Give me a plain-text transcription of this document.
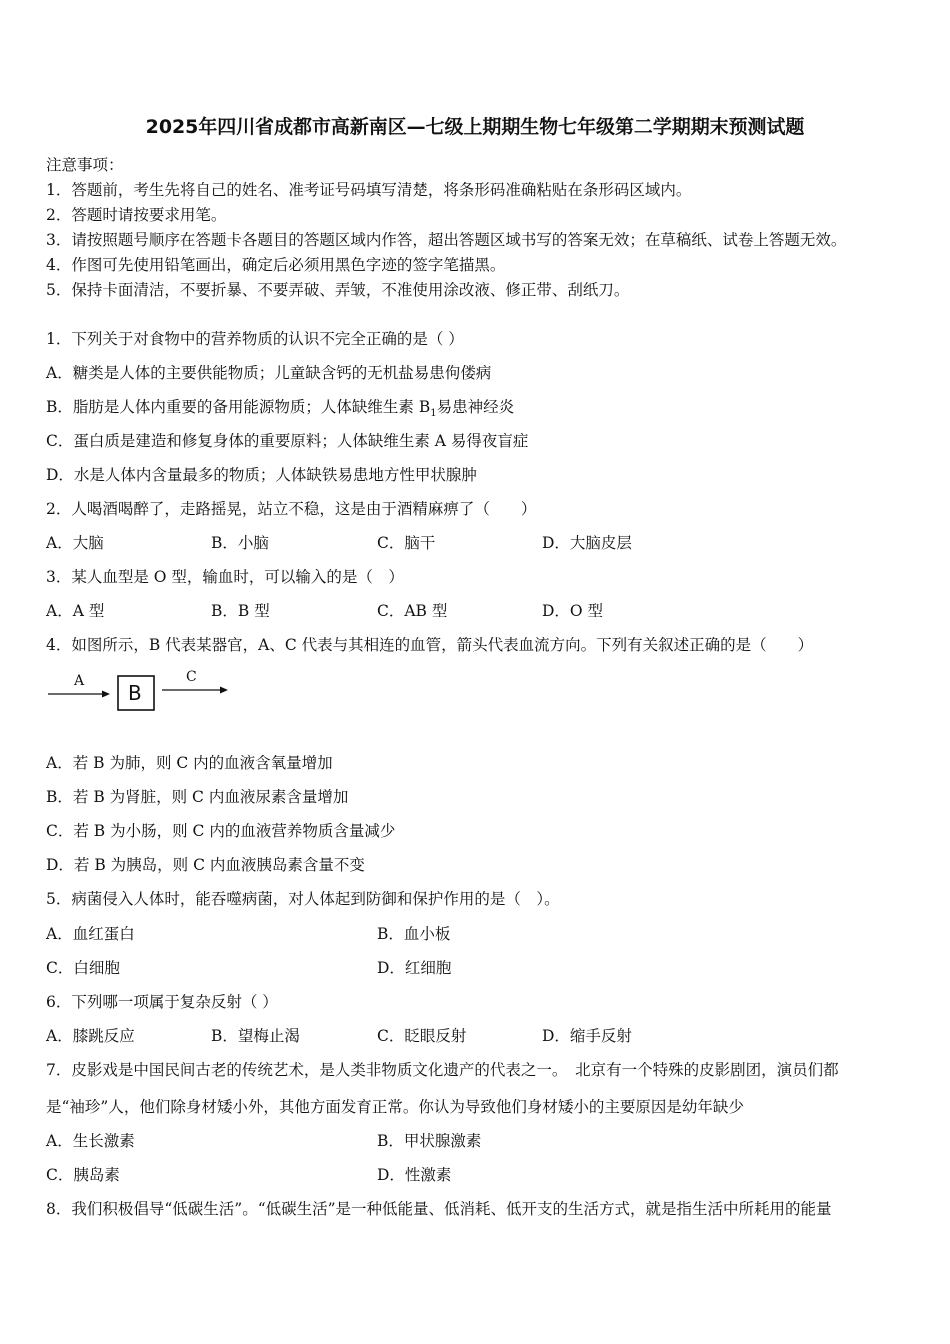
2025年四川省成都市高新南区—七级上期期生物七年级第二学期期末预测试题
注意事项：
1．答题前，考生先将自己的姓名、准考证号码填写清楚，将条形码准确粘贴在条形码区域内。
2．答题时请按要求用笔。
3．请按照题号顺序在答题卡各题目的答题区域内作答，超出答题区域书写的答案无效；在草稿纸、试卷上答题无效。
4．作图可先使用铅笔画出，确定后必须用黑色字迹的签字笔描黑。
5．保持卡面清洁，不要折暴、不要弄破、弄皱，不准使用涂改液、修正带、刮纸刀。
1．下列关于对食物中的营养物质的认识不完全正确的是（ ）
A．糖类是人体的主要供能物质；儿童缺含钙的无机盐易患佝偻病
B．脂肪是人体内重要的备用能源物质；人体缺维生素 $B_1$易患神经炎
C．蛋白质是建造和修复身体的重要原料；人体缺维生素 A 易得夜盲症
D．水是人体内含量最多的物质；人体缺铁易患地方性甲状腺肿
2．人喝酒喝醉了，走路摇晃，站立不稳，这是由于酒精麻痹了（　　）
A．大脑	B．小脑	C．脑干	D．大脑皮层
3．某人血型是 O 型，输血时，可以输入的是（　）
A．A 型	B．B 型	C．AB 型	D．O 型
4．如图所示，B 代表某器官，A、C 代表与其相连的血管，箭头代表血流方向。下列有关叙述正确的是（　　）
A B
C
A．若 B 为肺，则 C 内的血液含氧量增加
B．若 B 为肾脏，则 C 内血液尿素含量增加
C．若 B 为小肠，则 C 内的血液营养物质含量减少
D．若 B 为胰岛，则 C 内血液胰岛素含量不变
5．病菌侵入人体时，能吞噬病菌，对人体起到防御和保护作用的是（　）。
A．血红蛋白	B．血小板
C．白细胞	D．红细胞
6．下列哪一项属于复杂反射（ ）
A．膝跳反应	B．望梅止渴	C．眨眼反射	D．缩手反射
7．皮影戏是中国民间古老的传统艺术，是人类非物质文化遗产的代表之一。　北京有一个特殊的皮影剧团，演员们都
是“袖珍”人，他们除身材矮小外，其他方面发育正常。你认为导致他们身材矮小的主要原因是幼年缺少
A．生长激素	B．甲状腺激素
C．胰岛素	D．性激素
8．我们积极倡导“低碳生活”。“低碳生活”是一种低能量、低消耗、低开支的生活方式，就是指生活中所耗用的能量
